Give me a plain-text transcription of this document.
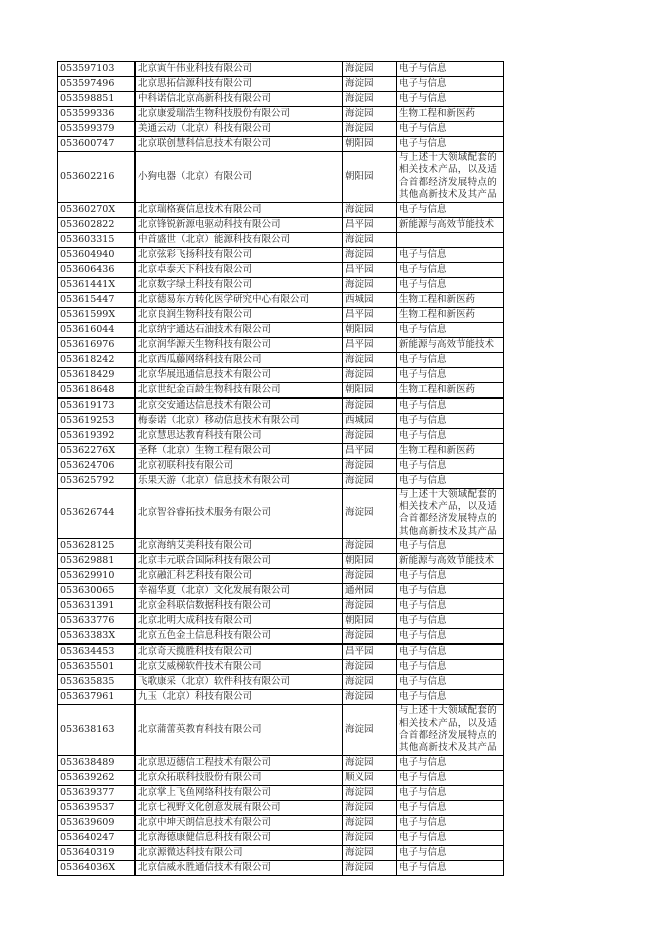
053597103	北京寅午伟业科技有限公司	海淀园	电子与信息
053597496	北京思拓信源科技有限公司	海淀园	电子与信息
053598851	中科诺信北京高新科技有限公司	海淀园	电子与信息
053599336	北京康爱瑞浩生物科技股份有限公司	海淀园	生物工程和新医药
053599379	美通云动（北京）科技有限公司	海淀园	电子与信息
053600747	北京联创慧科信息技术有限公司	朝阳园	电子与信息
053602216	小狗电器（北京）有限公司	朝阳园	与上述十大领域配套的相关技术产品，以及适合首都经济发展特点的其他高新技术及其产品
05360270X	北京瑞格赛信息技术有限公司	海淀园	电子与信息
053602822	北京锋锐新源电驱动科技有限公司	昌平园	新能源与高效节能技术
053603315	中首盛世（北京）能源科技有限公司	海淀园	
053604940	北京弦彩飞扬科技有限公司	海淀园	电子与信息
053606436	北京卓泰天下科技有限公司	昌平园	电子与信息
05361441X	北京数字绿土科技有限公司	海淀园	电子与信息
053615447	北京德易东方转化医学研究中心有限公司	西城园	生物工程和新医药
05361599X	北京良润生物科技有限公司	昌平园	生物工程和新医药
053616044	北京纳宇通达石油技术有限公司	朝阳园	电子与信息
053616976	北京润华源天生物科技有限公司	昌平园	新能源与高效节能技术
053618242	北京西瓜藤网络科技有限公司	海淀园	电子与信息
053618429	北京华展迅通信息技术有限公司	海淀园	电子与信息
053618648	北京世纪金百龄生物科技有限公司	朝阳园	生物工程和新医药
053619173	北京交安通达信息技术有限公司	海淀园	电子与信息
053619253	梅泰诺（北京）移动信息技术有限公司	西城园	电子与信息
053619392	北京慧思达教育科技有限公司	海淀园	电子与信息
05362276X	圣释（北京）生物工程有限公司	昌平园	生物工程和新医药
053624706	北京初联科技有限公司	海淀园	电子与信息
053625792	乐果天游（北京）信息技术有限公司	海淀园	电子与信息
053626744	北京智谷睿拓技术服务有限公司	海淀园	与上述十大领域配套的相关技术产品，以及适合首都经济发展特点的其他高新技术及其产品
053628125	北京海纳艾美科技有限公司	海淀园	电子与信息
053629881	北京丰元联合国际科技有限公司	朝阳园	新能源与高效节能技术
053629910	北京融汇科艺科技有限公司	海淀园	电子与信息
053630065	幸福华夏（北京）文化发展有限公司	通州园	电子与信息
053631391	北京金科联信数据科技有限公司	海淀园	电子与信息
053633776	北京北明大成科技有限公司	朝阳园	电子与信息
05363383X	北京五色金土信息科技有限公司	海淀园	电子与信息
053634453	北京奇天揽胜科技有限公司	昌平园	电子与信息
053635501	北京艾威梯软件技术有限公司	海淀园	电子与信息
053635835	飞歌康采（北京）软件科技有限公司	海淀园	电子与信息
053637961	九玉（北京）科技有限公司	海淀园	电子与信息
053638163	北京蒲蕾英教育科技有限公司	海淀园	与上述十大领域配套的相关技术产品，以及适合首都经济发展特点的其他高新技术及其产品
053638489	北京思迈德信工程技术有限公司	海淀园	电子与信息
053639262	北京众拓联科技股份有限公司	顺义园	电子与信息
053639377	北京掌上飞鱼网络科技有限公司	海淀园	电子与信息
053639537	北京七视野文化创意发展有限公司	海淀园	电子与信息
053639609	北京中坤天朗信息技术有限公司	海淀园	电子与信息
053640247	北京海德康健信息科技有限公司	海淀园	电子与信息
053640319	北京源微达科技有限公司	海淀园	电子与信息
05364036X	北京信威永胜通信技术有限公司	海淀园	电子与信息
